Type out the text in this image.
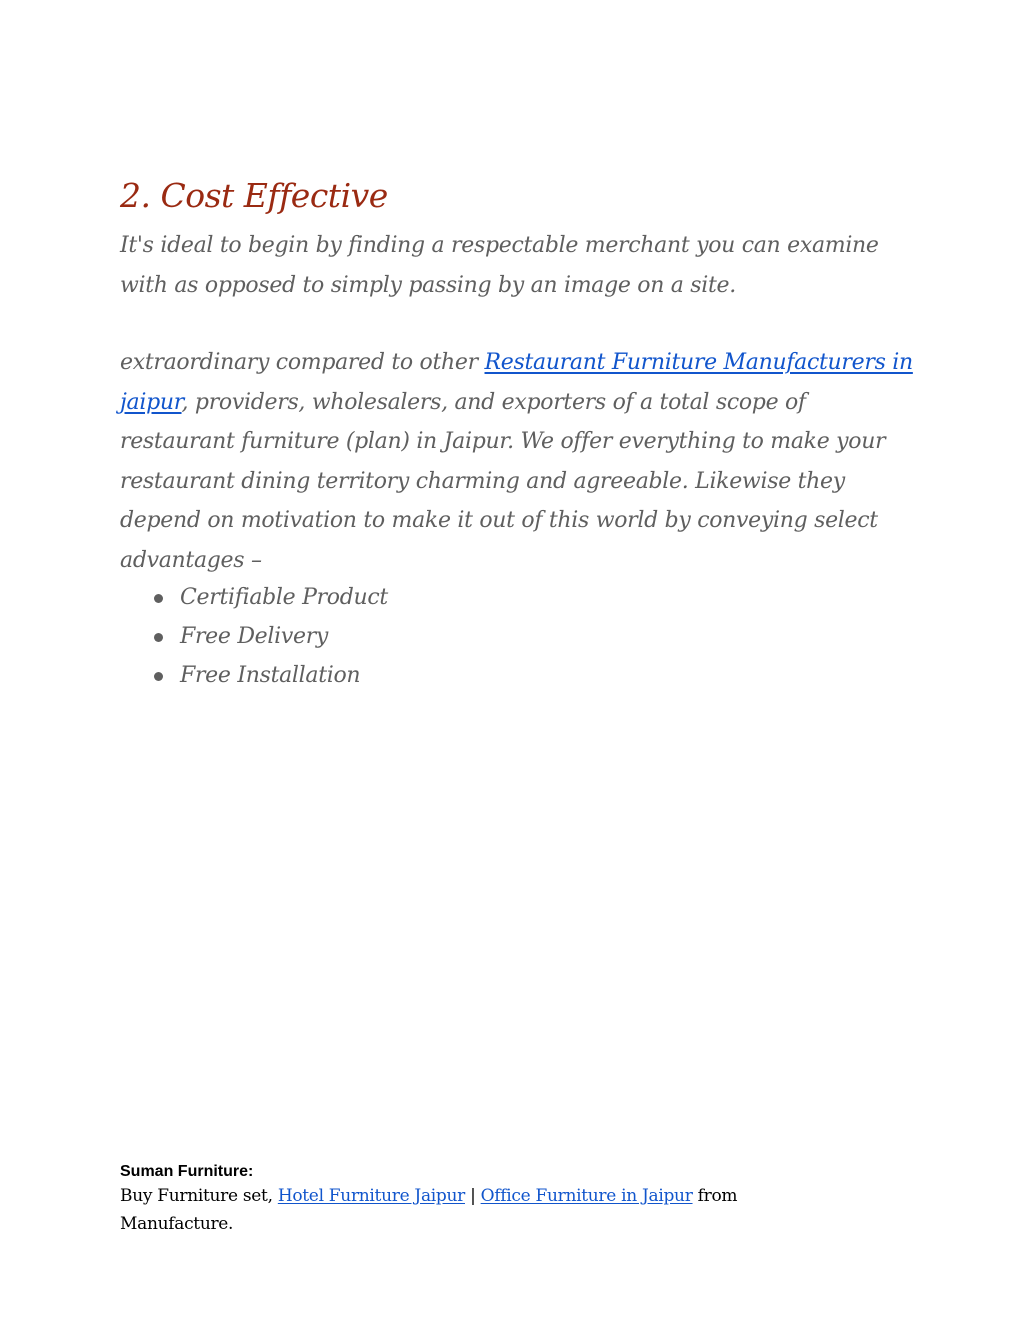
2. Cost Effective

It's ideal to begin by finding a respectable merchant you can examine with as opposed to simply passing by an image on a site.

extraordinary compared to other Restaurant Furniture Manufacturers in jaipur, providers, wholesalers, and exporters of a total scope of restaurant furniture (plan) in Jaipur. We offer everything to make your restaurant dining territory charming and agreeable. Likewise they depend on motivation to make it out of this world by conveying select advantages –

Certifiable Product
Free Delivery
Free Installation
Suman Furniture:

Buy Furniture set, Hotel Furniture Jaipur | Office Furniture in Jaipur from Manufacture.
